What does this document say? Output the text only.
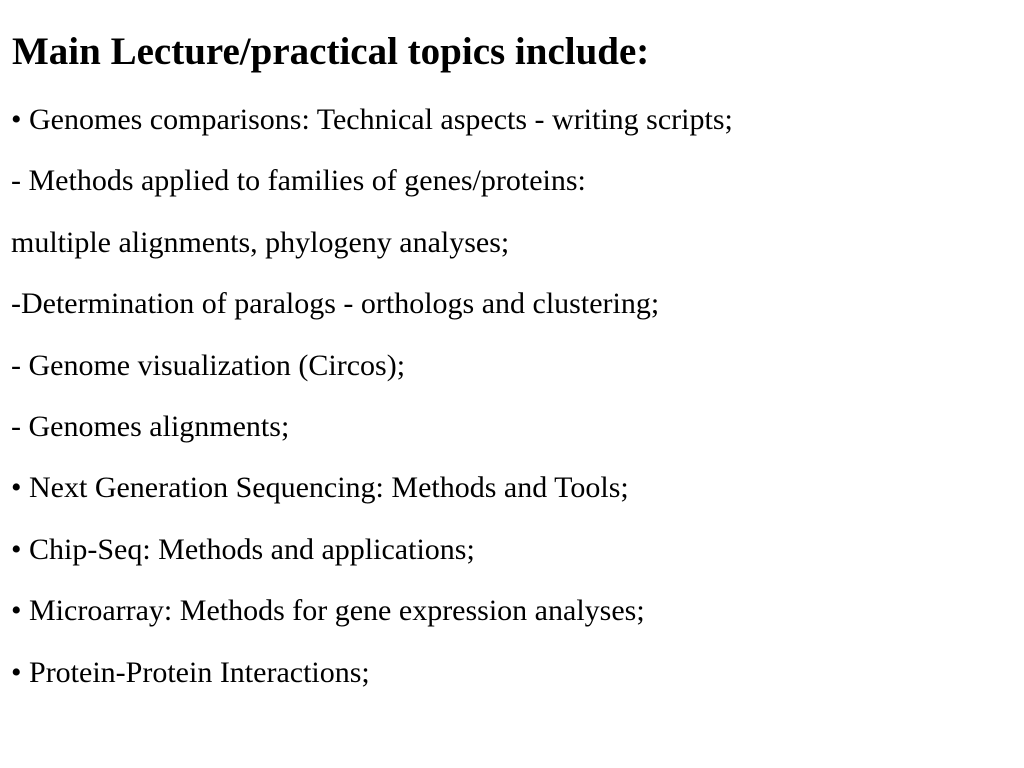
Main Lecture/practical topics include:
• Genomes comparisons: Technical aspects - writing scripts;
- Methods applied to families of genes/proteins:
multiple alignments, phylogeny analyses;
-Determination of paralogs - orthologs and clustering;
- Genome visualization (Circos);
- Genomes alignments;
• Next Generation Sequencing: Methods and Tools;
• Chip-Seq: Methods and applications;
• Microarray: Methods for gene expression analyses;
• Protein-Protein Interactions;
